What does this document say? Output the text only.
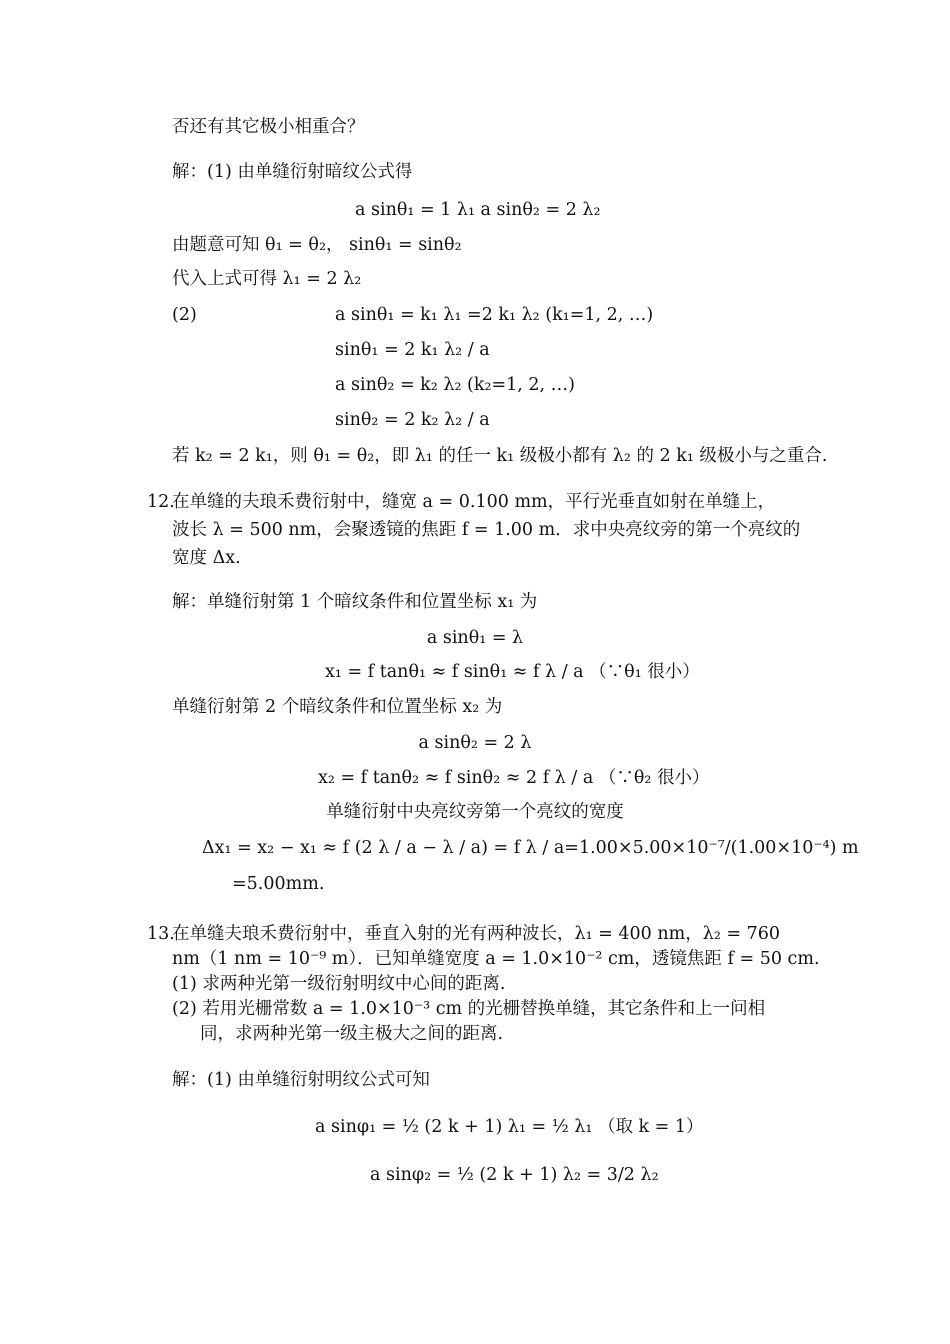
否还有其它极小相重合？
解：(1) 由单缝衍射暗纹公式得
a sinθ₁ = 1 λ₁ a sinθ₂ = 2 λ₂
由题意可知 θ₁ = θ₂， sinθ₁ = sinθ₂
代入上式可得 λ₁ = 2 λ₂
(2)	a sinθ₁ = k₁ λ₁ =2 k₁ λ₂ (k₁=1, 2, …)
sinθ₁ = 2 k₁ λ₂ / a
a sinθ₂ = k₂ λ₂ (k₂=1, 2, …)
sinθ₂ = 2 k₂ λ₂ / a
若 k₂ = 2 k₁，则 θ₁ = θ₂，即 λ₁ 的任一 k₁ 级极小都有 λ₂ 的 2 k₁ 级极小与之重合.
12.
在单缝的夫琅禾费衍射中，缝宽 a = 0.100 mm，平行光垂直如射在单缝上，
波长 λ = 500 nm，会聚透镜的焦距 f = 1.00 m．求中央亮纹旁的第一个亮纹的
宽度 Δx.
解：单缝衍射第 1 个暗纹条件和位置坐标 x₁ 为
a sinθ₁ = λ
x₁ = f tanθ₁ ≈ f sinθ₁ ≈ f λ / a （∵θ₁ 很小）
单缝衍射第 2 个暗纹条件和位置坐标 x₂ 为
a sinθ₂ = 2 λ
x₂ = f tanθ₂ ≈ f sinθ₂ ≈ 2 f λ / a （∵θ₂ 很小）
单缝衍射中央亮纹旁第一个亮纹的宽度
Δx₁ = x₂ − x₁ ≈ f (2 λ / a − λ / a) = f λ / a=1.00×5.00×10⁻⁷/(1.00×10⁻⁴) m
=5.00mm.
13.
在单缝夫琅禾费衍射中，垂直入射的光有两种波长，λ₁ = 400 nm，λ₂ = 760
nm（1 nm = 10⁻⁹ m）．已知单缝宽度 a = 1.0×10⁻² cm，透镜焦距 f = 50 cm.
(1) 求两种光第一级衍射明纹中心间的距离.
(2) 若用光栅常数 a = 1.0×10⁻³ cm 的光栅替换单缝，其它条件和上一问相
同，求两种光第一级主极大之间的距离.
解：(1) 由单缝衍射明纹公式可知
a sinφ₁ = ½ (2 k + 1) λ₁ = ½ λ₁ （取 k = 1）
a sinφ₂ = ½ (2 k + 1) λ₂ = 3/2 λ₂
